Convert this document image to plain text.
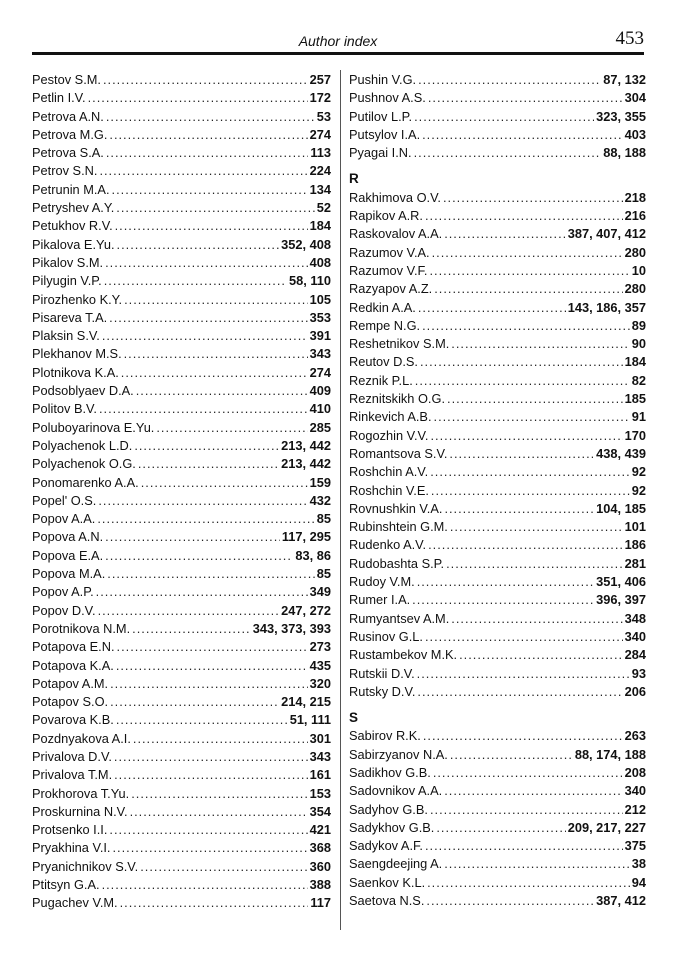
Author index	453
Pestov S.M. .....	257
Petlin I.V. .....	172
Petrova A.N. .....	53
Petrova M.G. .....	274
Petrova S.A. .....	113
Petrov S.N. .....	224
Petrunin M.A. .....	134
Petryshev A.Y. .....	52
Petukhov R.V. .....	184
Pikalova E.Yu. .....	352, 408
Pikalov S.M. .....	408
Pilyugin V.P. .....	58, 110
Pirozhenko K.Y. .....	105
Pisareva T.A. .....	353
Plaksin S.V. .....	391
Plekhanov M.S. .....	343
Plotnikova K.A. .....	274
Podsoblyaev D.A. .....	409
Politov B.V. .....	410
Poluboyarinova E.Yu. .....	285
Polyachenok L.D. .....	213, 442
Polyachenok O.G. .....	213, 442
Ponomarenko A.A. .....	159
Popel' O.S. .....	432
Popov A.A. .....	85
Popova A.N. .....	117, 295
Popova E.A. .....	83, 86
Popova M.A. .....	85
Popov A.P. .....	349
Popov D.V. .....	247, 272
Porotnikova N.M. .....	343, 373, 393
Potapova E.N. .....	273
Potapova K.A. .....	435
Potapov A.M. .....	320
Potapov S.O. .....	214, 215
Povarova K.B. .....	51, 111
Pozdnyakova A.I. .....	301
Privalova D.V. .....	343
Privalova T.M. .....	161
Prokhorova T.Yu. .....	153
Proskurnina N.V. .....	354
Protsenko I.I. .....	421
Pryakhina V.I. .....	368
Pryanichnikov S.V. .....	360
Ptitsyn G.A. .....	388
Pugachev V.M. .....	117
Pushin V.G. .....	87, 132
Pushnov A.S. .....	304
Putilov L.P. .....	323, 355
Putsylov I.A. .....	403
Pyagai I.N. .....	88, 188
R
Rakhimova O.V. .....	218
Rapikov A.R. .....	216
Raskovalov A.A. .....	387, 407, 412
Razumov V.A. .....	280
Razumov V.F. .....	10
Razyapov A.Z. .....	280
Redkin A.A. .....	143, 186, 357
Rempe N.G. .....	89
Reshetnikov S.M. .....	90
Reutov D.S. .....	184
Reznik P.L. .....	82
Reznitskikh O.G. .....	185
Rinkevich A.B. .....	91
Rogozhin V.V. .....	170
Romantsova S.V. .....	438, 439
Roshchin A.V. .....	92
Roshchin V.E. .....	92
Rovnushkin V.A. .....	104, 185
Rubinshtein G.M. .....	101
Rudenko A.V. .....	186
Rudobashta S.P. .....	281
Rudoy V.M. .....	351, 406
Rumer I.A. .....	396, 397
Rumyantsev A.M. .....	348
Rusinov G.L. .....	340
Rustambekov M.K. .....	284
Rutskii D.V. .....	93
Rutsky D.V. .....	206
S
Sabirov R.K. .....	263
Sabirzyanov N.A. .....	88, 174, 188
Sadikhov G.B. .....	208
Sadovnikov A.A. .....	340
Sadyhov G.B. .....	212
Sadykhov G.B. .....	209, 217, 227
Sadykov A.F. .....	375
Saengdeejing A. .....	38
Saenkov K.L. .....	94
Saetova N.S. .....	387, 412
